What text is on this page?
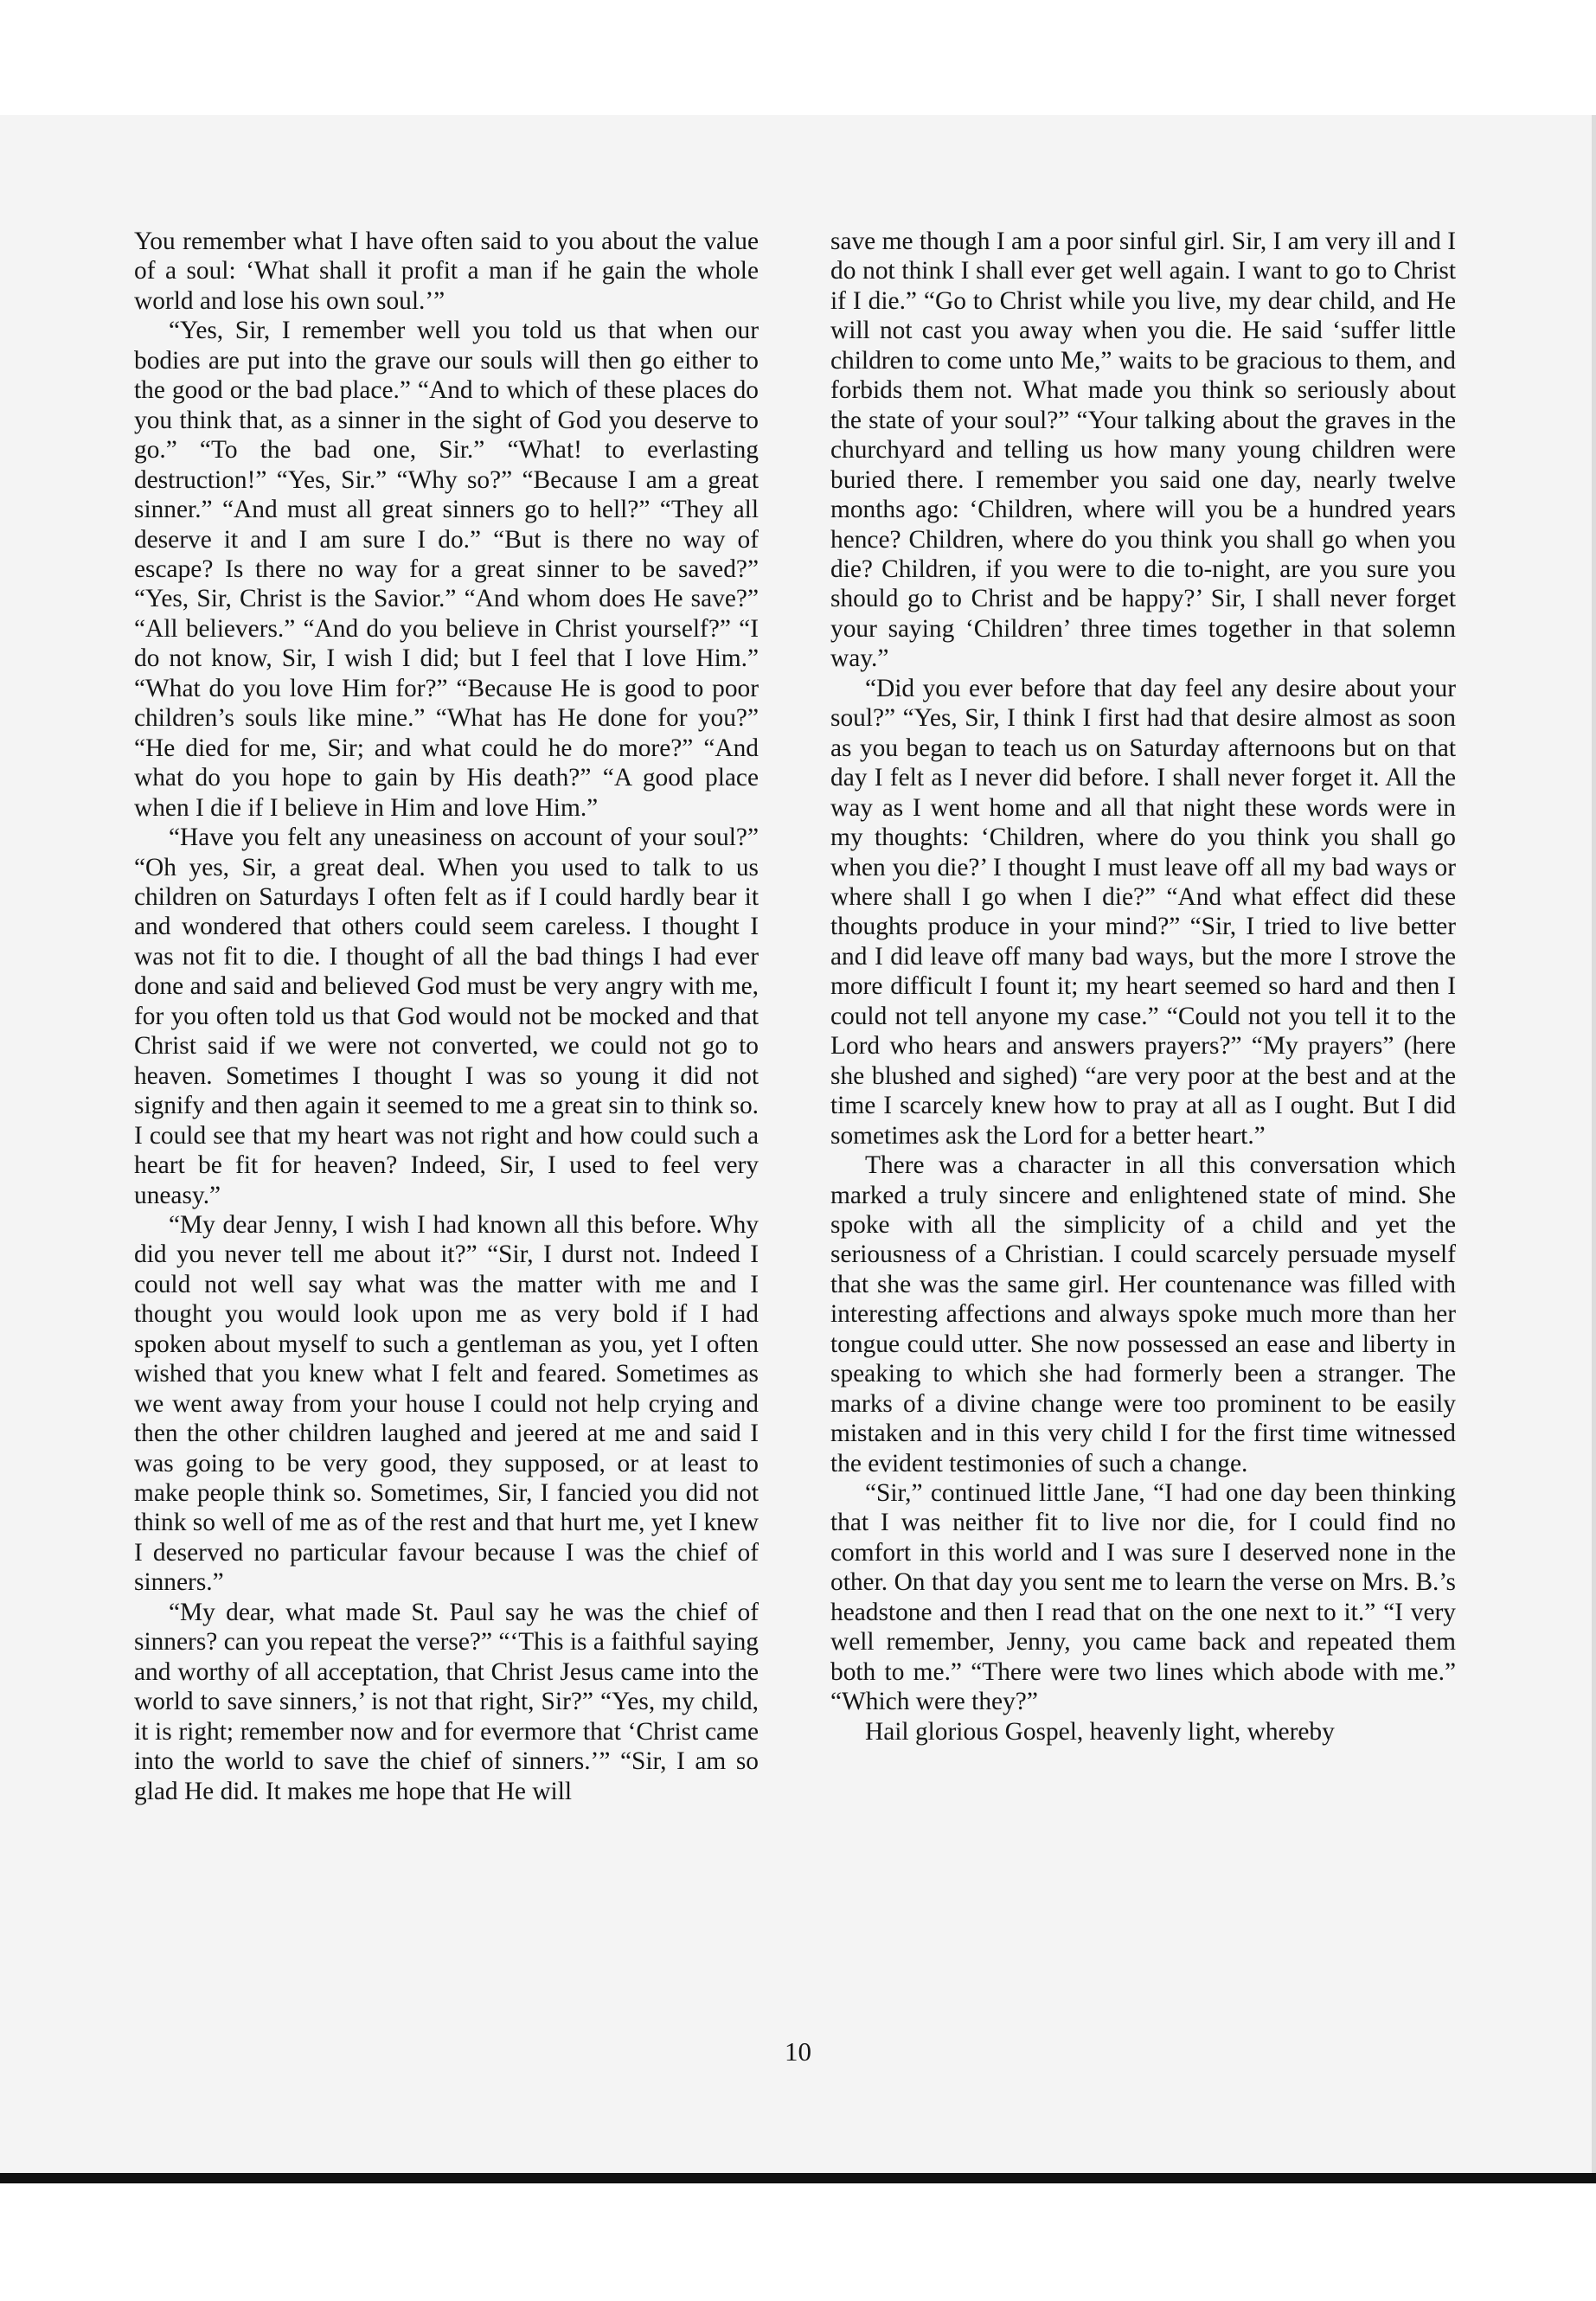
You remember what I have often said to you about the value of a soul: ‘What shall it profit a man if he gain the whole world and lose his own soul.’”

“Yes, Sir, I remember well you told us that when our bodies are put into the grave our souls will then go either to the good or the bad place.” “And to which of these places do you think that, as a sinner in the sight of God you deserve to go.” “To the bad one, Sir.” “What! to everlasting destruction!” “Yes, Sir.” “Why so?” “Because I am a great sinner.” “And must all great sinners go to hell?” “They all deserve it and I am sure I do.” “But is there no way of escape? Is there no way for a great sinner to be saved?” “Yes, Sir, Christ is the Savior.” “And whom does He save?” “All believers.” “And do you believe in Christ yourself?” “I do not know, Sir, I wish I did; but I feel that I love Him.” “What do you love Him for?” “Because He is good to poor children’s souls like mine.” “What has He done for you?” “He died for me, Sir; and what could he do more?” “And what do you hope to gain by His death?” “A good place when I die if I believe in Him and love Him.”

“Have you felt any uneasiness on account of your soul?” “Oh yes, Sir, a great deal. When you used to talk to us children on Saturdays I often felt as if I could hardly bear it and wondered that others could seem careless. I thought I was not fit to die. I thought of all the bad things I had ever done and said and believed God must be very angry with me, for you often told us that God would not be mocked and that Christ said if we were not converted, we could not go to heaven. Sometimes I thought I was so young it did not signify and then again it seemed to me a great sin to think so. I could see that my heart was not right and how could such a heart be fit for heaven? Indeed, Sir, I used to feel very uneasy.”

“My dear Jenny, I wish I had known all this before. Why did you never tell me about it?” “Sir, I durst not. Indeed I could not well say what was the matter with me and I thought you would look upon me as very bold if I had spoken about myself to such a gentleman as you, yet I often wished that you knew what I felt and feared. Sometimes as we went away from your house I could not help crying and then the other children laughed and jeered at me and said I was going to be very good, they supposed, or at least to make people think so. Sometimes, Sir, I fancied you did not think so well of me as of the rest and that hurt me, yet I knew I deserved no particular favour because I was the chief of sinners.”

“My dear, what made St. Paul say he was the chief of sinners? can you repeat the verse?” “‘This is a faithful saying and worthy of all acceptation, that Christ Jesus came into the world to save sinners,’ is not that right, Sir?” “Yes, my child, it is right; remember now and for evermore that ‘Christ came into the world to save the chief of sinners.’” “Sir, I am so glad He did. It makes me hope that He will

save me though I am a poor sinful girl. Sir, I am very ill and I do not think I shall ever get well again. I want to go to Christ if I die.” “Go to Christ while you live, my dear child, and He will not cast you away when you die. He said ‘suffer little children to come unto Me,” waits to be gracious to them, and forbids them not. What made you think so seriously about the state of your soul?” “Your talking about the graves in the churchyard and telling us how many young children were buried there. I remember you said one day, nearly twelve months ago: ‘Children, where will you be a hundred years hence? Children, where do you think you shall go when you die? Children, if you were to die to-night, are you sure you should go to Christ and be happy?’ Sir, I shall never forget your saying ‘Children’ three times together in that solemn way.”

“Did you ever before that day feel any desire about your soul?” “Yes, Sir, I think I first had that desire almost as soon as you began to teach us on Saturday afternoons but on that day I felt as I never did before. I shall never forget it. All the way as I went home and all that night these words were in my thoughts: ‘Children, where do you think you shall go when you die?’ I thought I must leave off all my bad ways or where shall I go when I die?” “And what effect did these thoughts produce in your mind?” “Sir, I tried to live better and I did leave off many bad ways, but the more I strove the more difficult I fount it; my heart seemed so hard and then I could not tell anyone my case.” “Could not you tell it to the Lord who hears and answers prayers?” “My prayers” (here she blushed and sighed) “are very poor at the best and at the time I scarcely knew how to pray at all as I ought. But I did sometimes ask the Lord for a better heart.”

There was a character in all this conversation which marked a truly sincere and enlightened state of mind. She spoke with all the simplicity of a child and yet the seriousness of a Christian. I could scarcely persuade myself that she was the same girl. Her countenance was filled with interesting affections and always spoke much more than her tongue could utter. She now possessed an ease and liberty in speaking to which she had formerly been a stranger. The marks of a divine change were too prominent to be easily mistaken and in this very child I for the first time witnessed the evident testimonies of such a change.

“Sir,” continued little Jane, “I had one day been thinking that I was neither fit to live nor die, for I could find no comfort in this world and I was sure I deserved none in the other. On that day you sent me to learn the verse on Mrs. B.’s headstone and then I read that on the one next to it.” “I very well remember, Jenny, you came back and repeated them both to me.” “There were two lines which abode with me.” “Which were they?”

Hail glorious Gospel, heavenly light, whereby

10
